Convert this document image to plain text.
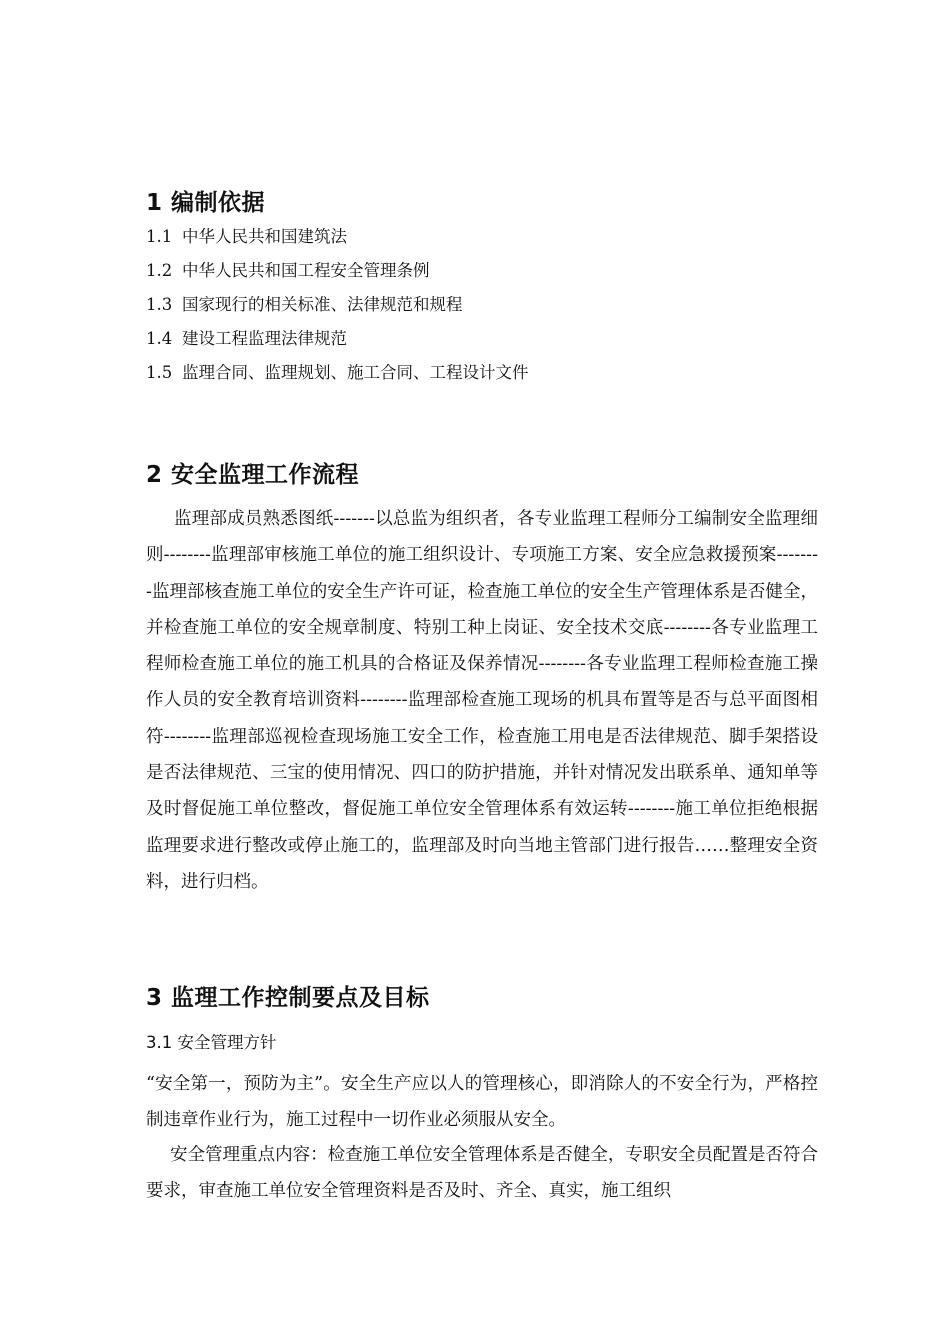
1 编制依据
1.1 中华人民共和国建筑法
1.2 中华人民共和国工程安全管理条例
1.3 国家现行的相关标准、法律规范和规程
1.4 建设工程监理法律规范
1.5 监理合同、监理规划、施工合同、工程设计文件
2 安全监理工作流程

监理部成员熟悉图纸-------以总监为组织者，各专业监理工程师分工编制安全监理细则--------监理部审核施工单位的施工组织设计、专项施工方案、安全应急救援预案--------监理部核查施工单位的安全生产许可证，检查施工单位的安全生产管理体系是否健全，并检查施工单位的安全规章制度、特别工种上岗证、安全技术交底--------各专业监理工程师检查施工单位的施工机具的合格证及保养情况--------各专业监理工程师检查施工操作人员的安全教育培训资料--------监理部检查施工现场的机具布置等是否与总平面图相符--------监理部巡视检查现场施工安全工作，检查施工用电是否法律规范、脚手架搭设是否法律规范、三宝的使用情况、四口的防护措施，并针对情况发出联系单、通知单等及时督促施工单位整改，督促施工单位安全管理体系有效运转--------施工单位拒绝根据监理要求进行整改或停止施工的，监理部及时向当地主管部门进行报告……整理安全资料，进行归档。

3 监理工作控制要点及目标
3.1 安全管理方针

“安全第一，预防为主”。安全生产应以人的管理核心，即消除人的不安全行为，严格控制违章作业行为，施工过程中一切作业必须服从安全。

安全管理重点内容：检查施工单位安全管理体系是否健全，专职安全员配置是否符合要求，审查施工单位安全管理资料是否及时、齐全、真实，施工组织
